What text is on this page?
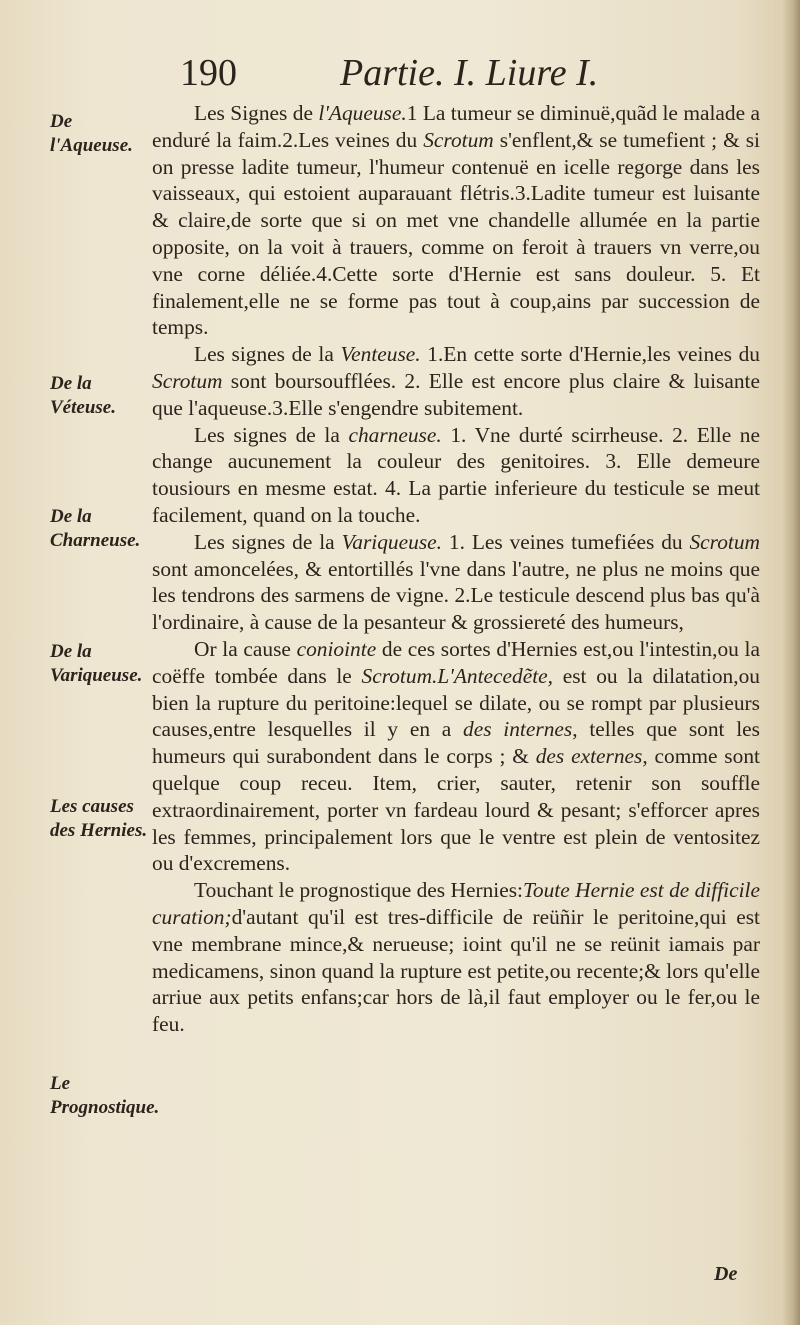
190	Partie. I. Liure I.
De l'Aqueuse.
De la Véteuse.
De la Charneuse.
De la Variqueuse.
Les causes des Hernies.
Le Prognostique.

Les Signes de l'Aqueuse.1 La tumeur se diminuë,quãd le malade a enduré la faim.2.Les veines du Scrotum s'enflent,& se tumefient ; & si on presse ladite tumeur, l'humeur contenuë en icelle regorge dans les vaisseaux, qui estoient auparauant flétris.3.Ladite tumeur est luisante & claire,de sorte que si on met vne chandelle allumée en la partie opposite, on la voit à trauers, comme on feroit à trauers vn verre,ou vne corne déliée.4.Cette sorte d'Hernie est sans douleur. 5. Et finalement,elle ne se forme pas tout à coup,ains par succession de temps.

Les signes de la Venteuse. 1.En cette sorte d'Hernie,les veines du Scrotum sont boursoufflées. 2. Elle est encore plus claire & luisante que l'aqueuse.3.Elle s'engendre subitement.

Les signes de la charneuse. 1. Vne durté scirrheuse. 2. Elle ne change aucunement la couleur des genitoires. 3. Elle demeure tousiours en mesme estat. 4. La partie inferieure du testicule se meut facilement, quand on la touche.

Les signes de la Variqueuse. 1. Les veines tumefiées du Scrotum sont amoncelées, & entortillés l'vne dans l'autre, ne plus ne moins que les tendrons des sarmens de vigne. 2.Le testicule descend plus bas qu'à l'ordinaire, à cause de la pesanteur & grossiereté des humeurs,

Or la cause coniointe de ces sortes d'Hernies est,ou l'intestin,ou la coëffe tombée dans le Scrotum.L'Antecedẽte, est ou la dilatation,ou bien la rupture du peritoine:lequel se dilate, ou se rompt par plusieurs causes,entre lesquelles il y en a des internes, telles que sont les humeurs qui surabondent dans le corps ; & des externes, comme sont quelque coup receu. Item, crier, sauter, retenir son souffle extraordinairement, porter vn fardeau lourd & pesant; s'efforcer apres les femmes, principalement lors que le ventre est plein de ventositez ou d'excremens.

Touchant le prognostique des Hernies:Toute Hernie est de difficile curation;d'autant qu'il est tres-difficile de reüñir le peritoine,qui est vne membrane mince,& nerueuse; ioint qu'il ne se reünit iamais par medicamens, sinon quand la rupture est petite,ou recente;& lors qu'elle arriue aux petits enfans;car hors de là,il faut employer ou le fer,ou le feu.

De
